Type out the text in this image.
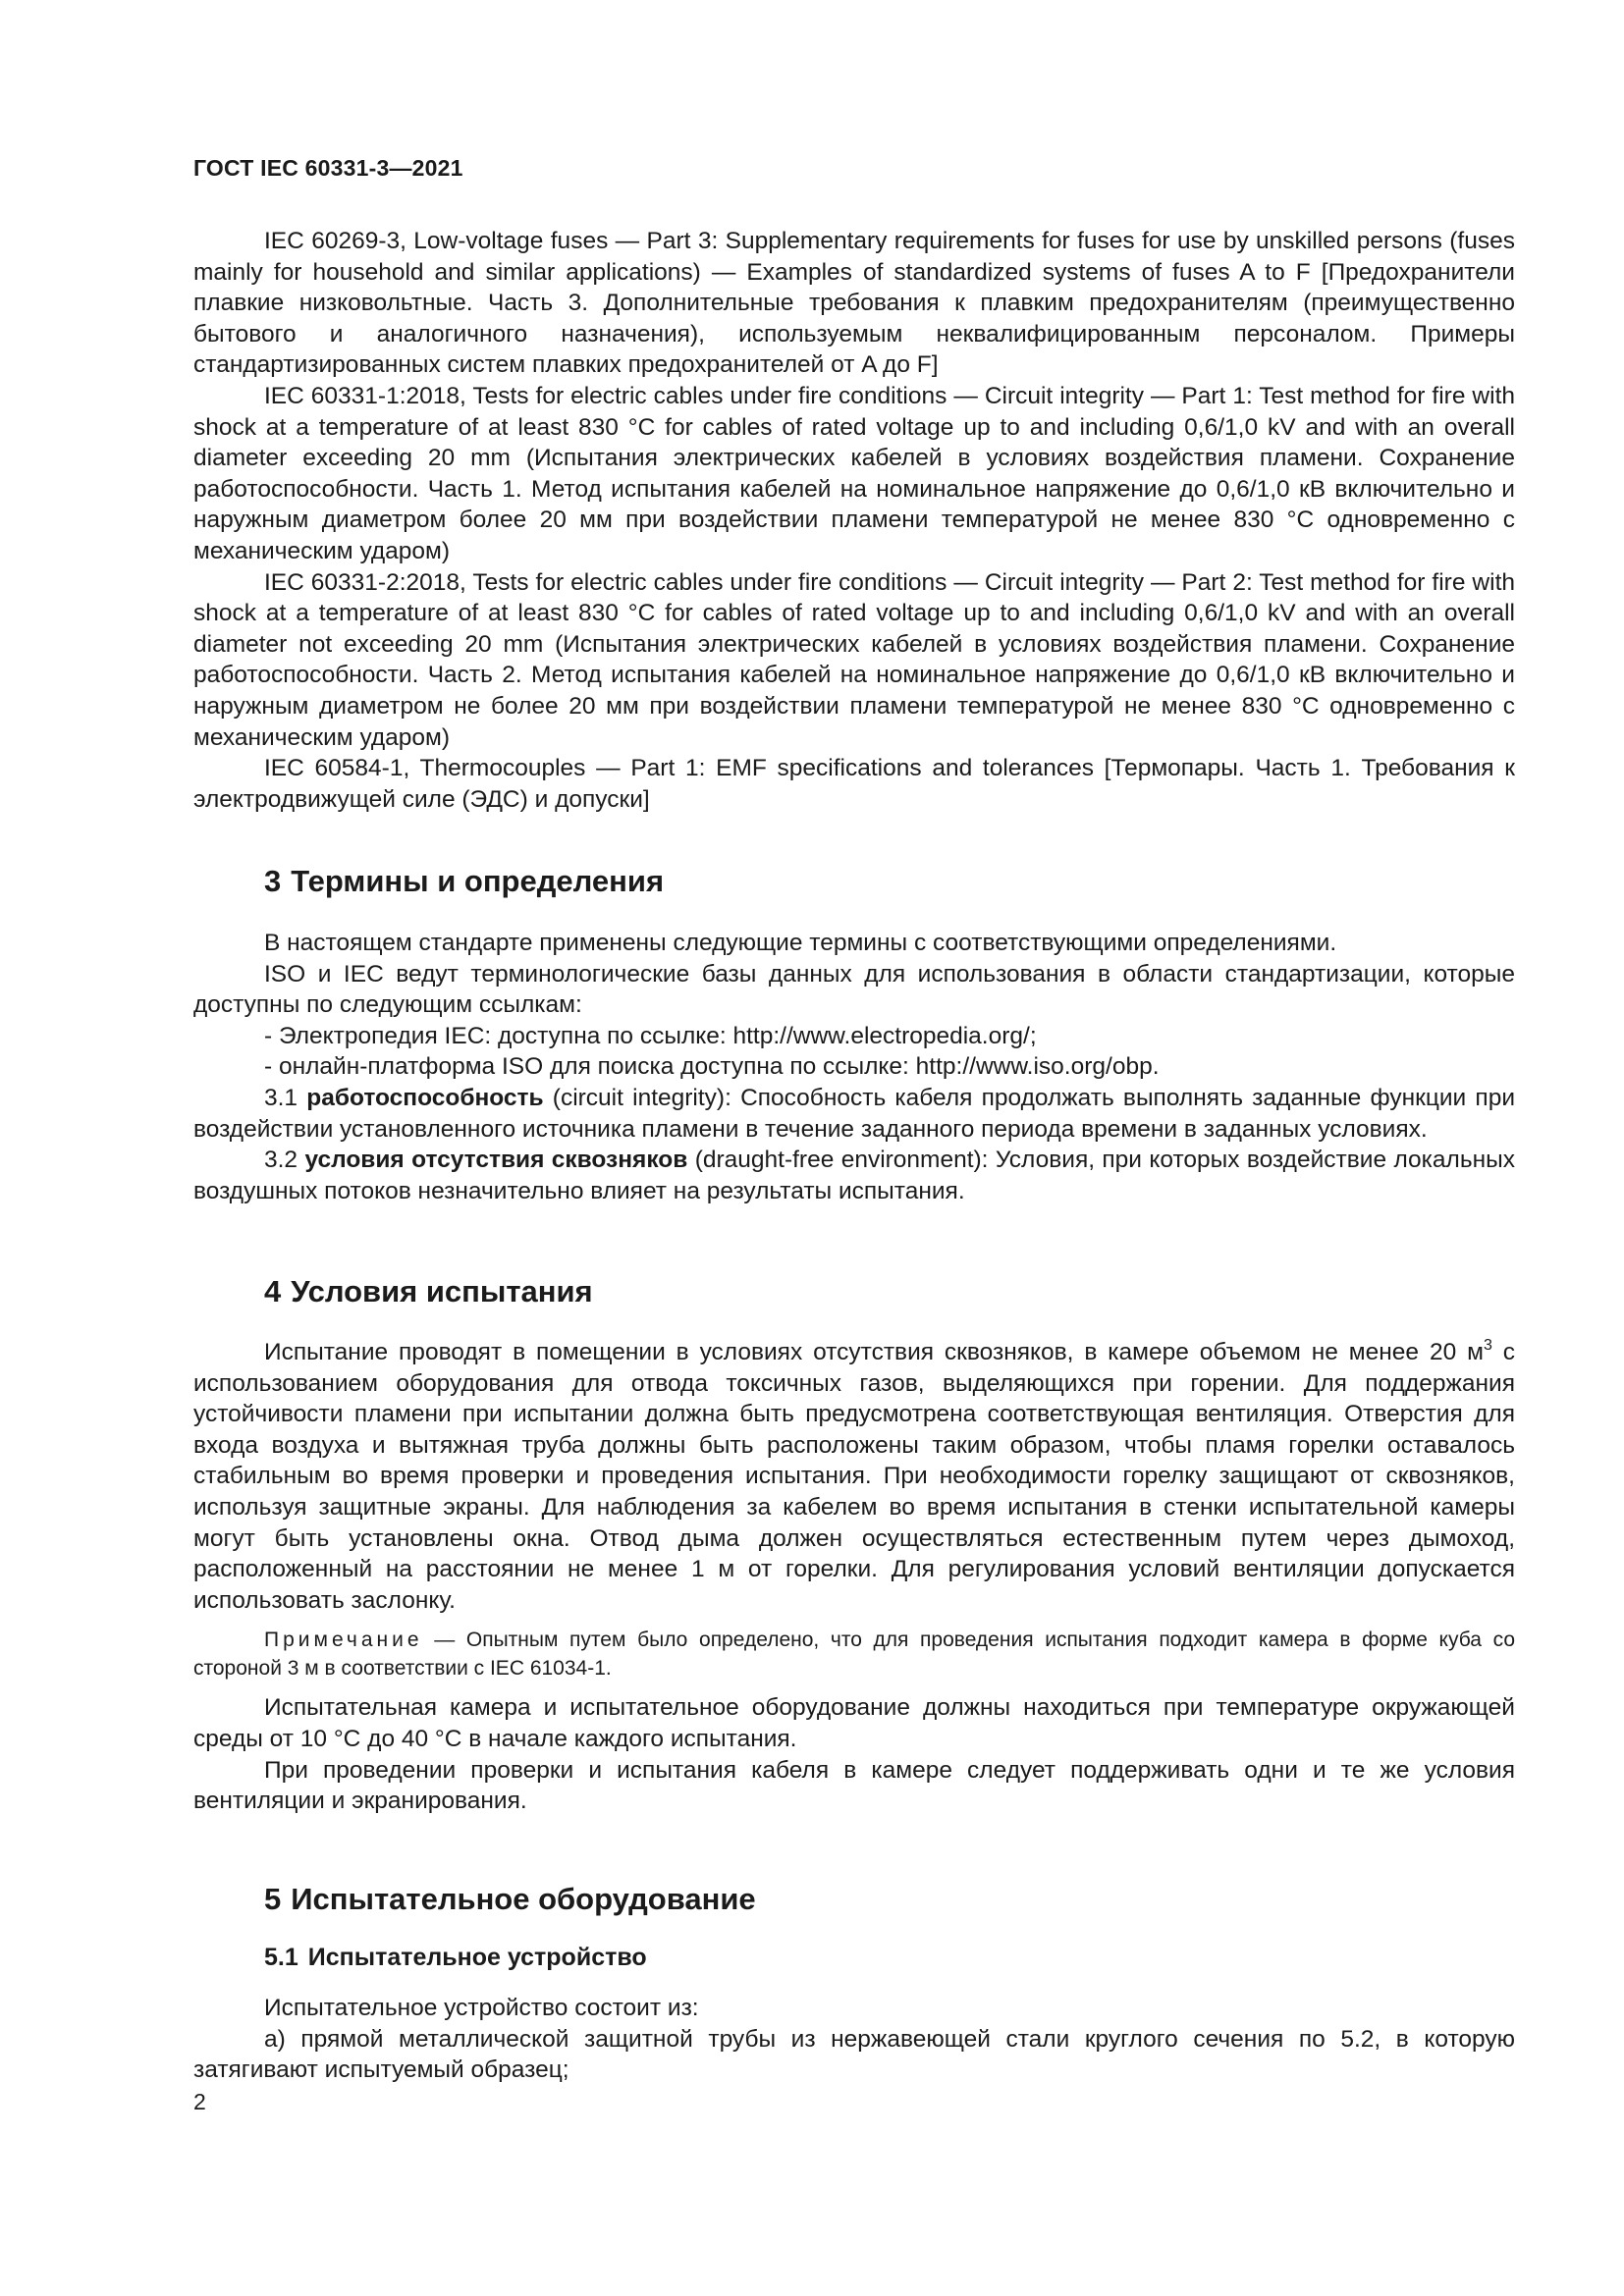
ГОСТ IEC 60331-3—2021

IEC 60269-3, Low-voltage fuses — Part 3: Supplementary requirements for fuses for use by unskilled persons (fuses mainly for household and similar applications) — Examples of standardized systems of fuses A to F [Предохранители плавкие низковольтные. Часть 3. Дополнительные требования к плавким предохранителям (преимущественно бытового и аналогичного назначения), используемым неквалифицированным персоналом. Примеры стандартизированных систем плавких предохранителей от A до F]

IEC 60331-1:2018, Tests for electric cables under fire conditions — Circuit integrity — Part 1: Test method for fire with shock at a temperature of at least 830 °C for cables of rated voltage up to and including 0,6/1,0 kV and with an overall diameter exceeding 20 mm (Испытания электрических кабелей в условиях воздействия пламени. Сохранение работоспособности. Часть 1. Метод испытания кабелей на номинальное напряжение до 0,6/1,0 кВ включительно и наружным диаметром более 20 мм при воздействии пламени температурой не менее 830 °С одновременно с механическим ударом)

IEC 60331-2:2018, Tests for electric cables under fire conditions — Circuit integrity — Part 2: Test method for fire with shock at a temperature of at least 830 °C for cables of rated voltage up to and including 0,6/1,0 kV and with an overall diameter not exceeding 20 mm (Испытания электрических кабелей в условиях воздействия пламени. Сохранение работоспособности. Часть 2. Метод испытания кабелей на номинальное напряжение до 0,6/1,0 кВ включительно и наружным диаметром не более 20 мм при воздействии пламени температурой не менее 830 °С одновременно с механическим ударом)

IEC 60584-1, Thermocouples — Part 1: EMF specifications and tolerances [Термопары. Часть 1. Требования к электродвижущей силе (ЭДС) и допуски]

3 Термины и определения

В настоящем стандарте применены следующие термины с соответствующими определениями.

ISO и IEC ведут терминологические базы данных для использования в области стандартизации, которые доступны по следующим ссылкам:

- Электропедия IEC: доступна по ссылке: http://www.electropedia.org/;

- онлайн-платформа ISO для поиска доступна по ссылке: http://www.iso.org/obp.

3.1 работоспособность (circuit integrity): Способность кабеля продолжать выполнять заданные функции при воздействии установленного источника пламени в течение заданного периода времени в заданных условиях.

3.2 условия отсутствия сквозняков (draught-free environment): Условия, при которых воздействие локальных воздушных потоков незначительно влияет на результаты испытания.

4 Условия испытания

Испытание проводят в помещении в условиях отсутствия сквозняков, в камере объемом не менее 20 $м^3$ с использованием оборудования для отвода токсичных газов, выделяющихся при горении. Для поддержания устойчивости пламени при испытании должна быть предусмотрена соответствующая вентиляция. Отверстия для входа воздуха и вытяжная труба должны быть расположены таким образом, чтобы пламя горелки оставалось стабильным во время проверки и проведения испытания. При необходимости горелку защищают от сквозняков, используя защитные экраны. Для наблюдения за кабелем во время испытания в стенки испытательной камеры могут быть установлены окна. Отвод дыма должен осуществляться естественным путем через дымоход, расположенный на расстоянии не менее 1 м от горелки. Для регулирования условий вентиляции допускается использовать заслонку.

Примечание — Опытным путем было определено, что для проведения испытания подходит камера в форме куба со стороной 3 м в соответствии с IEC 61034-1.

Испытательная камера и испытательное оборудование должны находиться при температуре окружающей среды от 10 °С до 40 °С в начале каждого испытания.

При проведении проверки и испытания кабеля в камере следует поддерживать одни и те же условия вентиляции и экранирования.

5 Испытательное оборудование
5.1 Испытательное устройство

Испытательное устройство состоит из:

а) прямой металлической защитной трубы из нержавеющей стали круглого сечения по 5.2, в которую затягивают испытуемый образец;

2
